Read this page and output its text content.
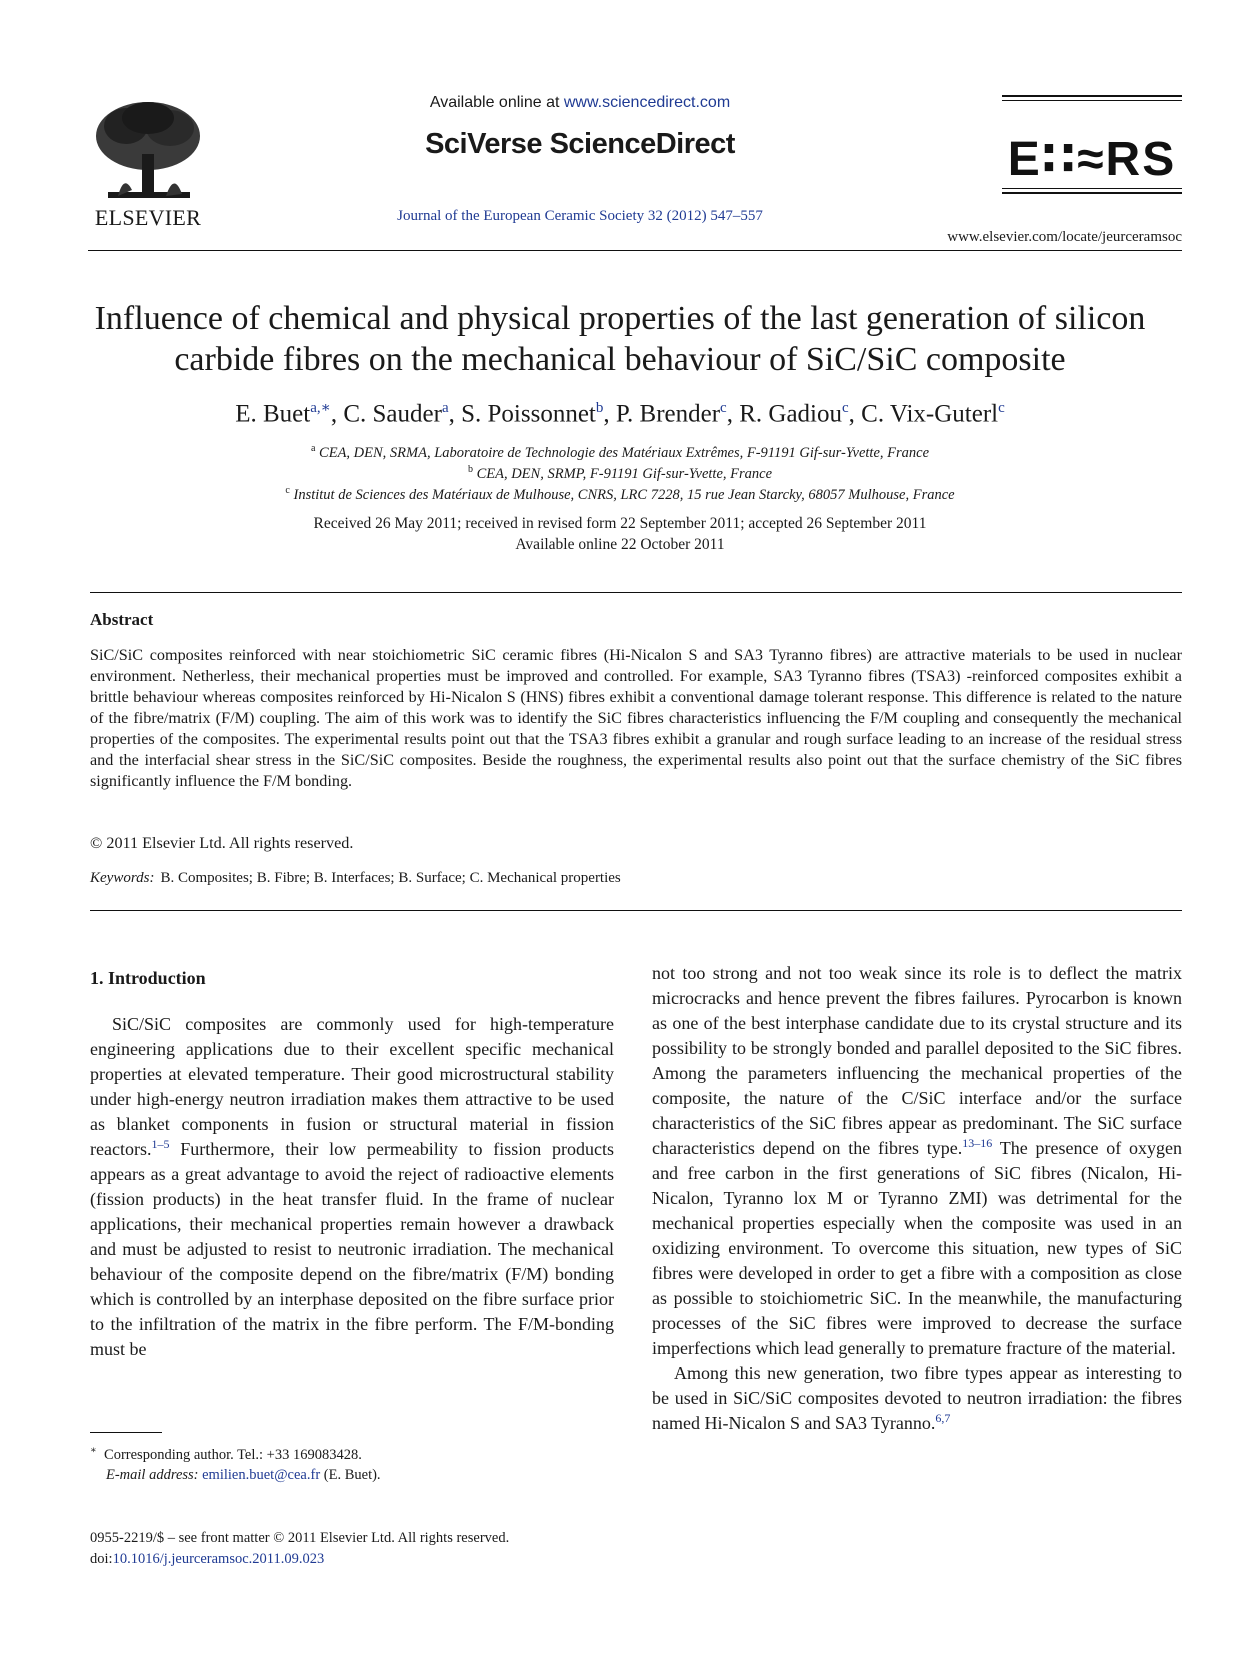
ELSEVIER
Available online at www.sciencedirect.com
SciVerse ScienceDirect
Journal of the European Ceramic Society 32 (2012) 547–557
E∷≈RS
www.elsevier.com/locate/jeurceramsoc
Influence of chemical and physical properties of the last generation of silicon
carbide fibres on the mechanical behaviour of SiC/SiC composite
E. Buet$^{a,∗}$, C. Sauder$^a$, S. Poissonnet$^b$, P. Brender$^c$, R. Gadiou$^c$, C. Vix-Guterl$^c$
$^a$ CEA, DEN, SRMA, Laboratoire de Technologie des Matériaux Extrêmes, F-91191 Gif-sur-Yvette, France
$^b$ CEA, DEN, SRMP, F-91191 Gif-sur-Yvette, France
$^c$ Institut de Sciences des Matériaux de Mulhouse, CNRS, LRC 7228, 15 rue Jean Starcky, 68057 Mulhouse, France
Received 26 May 2011; received in revised form 22 September 2011; accepted 26 September 2011
Available online 22 October 2011
Abstract
SiC/SiC composites reinforced with near stoichiometric SiC ceramic fibres (Hi-Nicalon S and SA3 Tyranno fibres) are attractive materials to be used in nuclear environment. Netherless, their mechanical properties must be improved and controlled. For example, SA3 Tyranno fibres (TSA3) -reinforced composites exhibit a brittle behaviour whereas composites reinforced by Hi-Nicalon S (HNS) fibres exhibit a conventional damage tolerant response. This difference is related to the nature of the fibre/matrix (F/M) coupling. The aim of this work was to identify the SiC fibres characteristics influencing the F/M coupling and consequently the mechanical properties of the composites. The experimental results point out that the TSA3 fibres exhibit a granular and rough surface leading to an increase of the residual stress and the interfacial shear stress in the SiC/SiC composites. Beside the roughness, the experimental results also point out that the surface chemistry of the SiC fibres significantly influence the F/M bonding.
© 2011 Elsevier Ltd. All rights reserved.
Keywords: B. Composites; B. Fibre; B. Interfaces; B. Surface; C. Mechanical properties
1. Introduction

SiC/SiC composites are commonly used for high-temperature engineering applications due to their excellent specific mechanical properties at elevated temperature. Their good microstructural stability under high-energy neutron irradiation makes them attractive to be used as blanket components in fusion or structural material in fission reactors.$^{1-5}$ Furthermore, their low permeability to fission products appears as a great advantage to avoid the reject of radioactive elements (fission products) in the heat transfer fluid. In the frame of nuclear applications, their mechanical properties remain however a drawback and must be adjusted to resist to neutronic irradiation. The mechanical behaviour of the composite depend on the fibre/matrix (F/M) bonding which is controlled by an interphase deposited on the fibre surface prior to the infiltration of the matrix in the fibre perform. The F/M-bonding must be

not too strong and not too weak since its role is to deflect the matrix microcracks and hence prevent the fibres failures. Pyrocarbon is known as one of the best interphase candidate due to its crystal structure and its possibility to be strongly bonded and parallel deposited to the SiC fibres. Among the parameters influencing the mechanical properties of the composite, the nature of the C/SiC interface and/or the surface characteristics of the SiC fibres appear as predominant. The SiC surface characteristics depend on the fibres type.$^{13-16}$ The presence of oxygen and free carbon in the first generations of SiC fibres (Nicalon, Hi-Nicalon, Tyranno lox M or Tyranno ZMI) was detrimental for the mechanical properties especially when the composite was used in an oxidizing environment. To overcome this situation, new types of SiC fibres were developed in order to get a fibre with a composition as close as possible to stoichiometric SiC. In the meanwhile, the manufacturing processes of the SiC fibres were improved to decrease the surface imperfections which lead generally to premature fracture of the material.

Among this new generation, two fibre types appear as interesting to be used in SiC/SiC composites devoted to neutron irradiation: the fibres named Hi-Nicalon S and SA3 Tyranno.$^{6,7}$

∗ Corresponding author. Tel.: +33 169083428.
E-mail address: emilien.buet@cea.fr (E. Buet).
0955-2219/$ – see front matter © 2011 Elsevier Ltd. All rights reserved.
doi:10.1016/j.jeurceramsoc.2011.09.023
